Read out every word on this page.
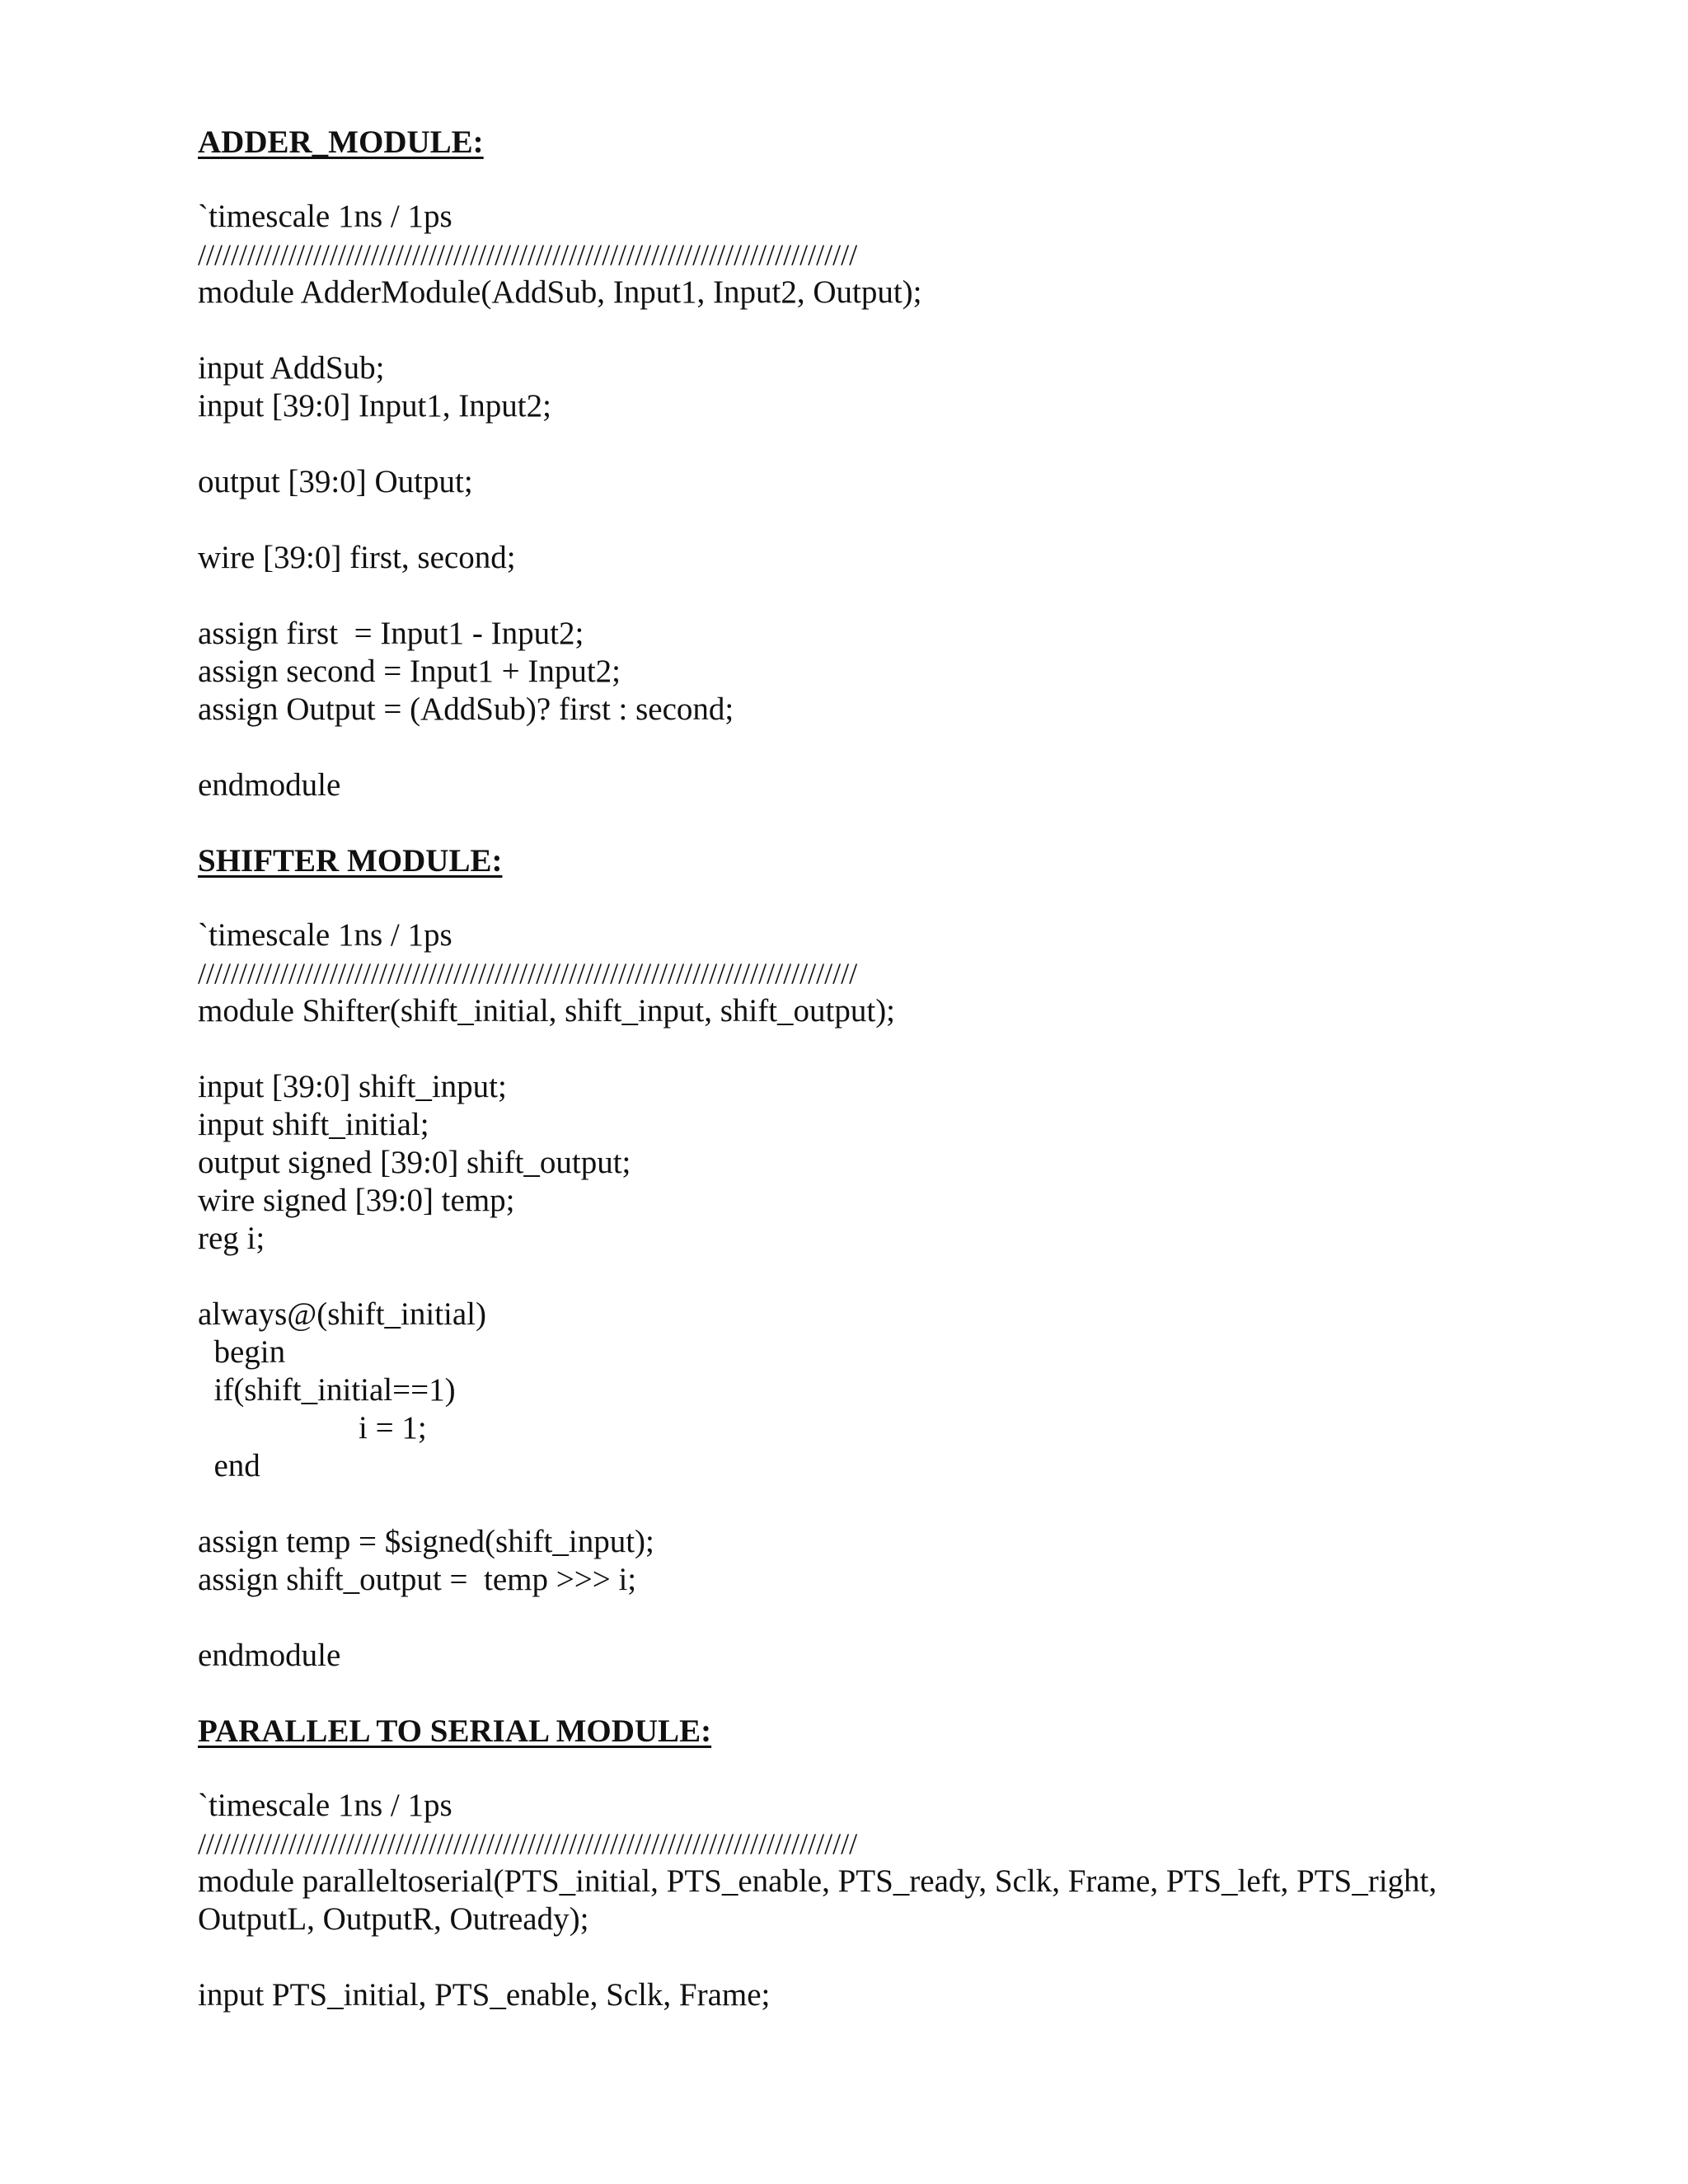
ADDER_MODULE:
`timescale 1ns / 1ps
////////////////////////////////////////////////////////////////////////////////
module AdderModule(AddSub, Input1, Input2, Output);
input AddSub;
input [39:0] Input1, Input2;
output [39:0] Output;
wire [39:0] first, second;
assign first  = Input1 - Input2;
assign second = Input1 + Input2;
assign Output = (AddSub)? first : second;
endmodule
SHIFTER MODULE:
`timescale 1ns / 1ps
////////////////////////////////////////////////////////////////////////////////
module Shifter(shift_initial, shift_input, shift_output);
input [39:0] shift_input;
input shift_initial;
output signed [39:0] shift_output;
wire signed [39:0] temp;
reg i;
always@(shift_initial)
begin
if(shift_initial==1)
i = 1;
end
assign temp = $signed(shift_input);
assign shift_output =  temp >>> i;
endmodule
PARALLEL TO SERIAL MODULE:
`timescale 1ns / 1ps
////////////////////////////////////////////////////////////////////////////////
module paralleltoserial(PTS_initial, PTS_enable, PTS_ready, Sclk, Frame, PTS_left, PTS_right,
OutputL, OutputR, Outready);
input PTS_initial, PTS_enable, Sclk, Frame;
